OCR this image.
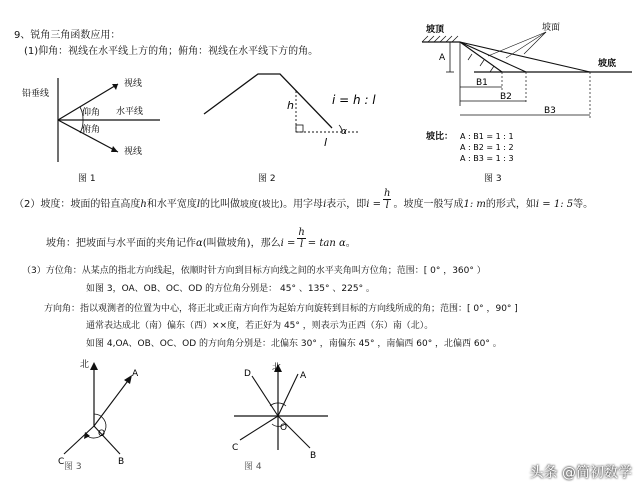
9、锐角三角函数应用：
(1)仰角：视线在水平线上方的角；俯角：视线在水平线下方的角。
铅垂线
视线
视线
水平线
仰角
俯角
图 1
h
l
α
i = h : l
图 2
坡顶	坡面
坡底
A
B1
B2
B3
坡比： A : B1 = 1 : 1
A : B2 = 1 : 2
A : B3 = 1 : 3
图 3
（2）坡度：坡面的铅直高度h和水平宽度l的比叫做坡度(坡比)。用字母i表示，即$i = \frac{h}{l}$ 。坡度一般写成1: m的形式，如i = 1: 5等。
坡角：把坡面与水平面的夹角记作α(叫做坡角)，那么$i = \frac{h}{l} = \tan \alpha$。
（3）方位角：从某点的指北方向线起，依顺时针方向到目标方向线之间的水平夹角叫方位角；范围：[ 0° ，360° ）
如图 3，OA、OB、OC、OD 的方位角分别是： 45° 、135° 、225° 。
方向角：指以观测者的位置为中心，将正北或正南方向作为起始方向旋转到目标的方向线所成的角；范围：[ 0° ，90° ]
通常表达成北（南）偏东（西）××度，若正好为 45° ，则表示为正西（东）南（北）。
如图 4,OA、OB、OC、OD 的方向角分别是：北偏东 30° ，南偏东 45° ，南偏西 60° ，北偏西 60° 。
北
A
B
C
O
图 3
北
A
B
C
D
O
图 4	头条 @简初数学
